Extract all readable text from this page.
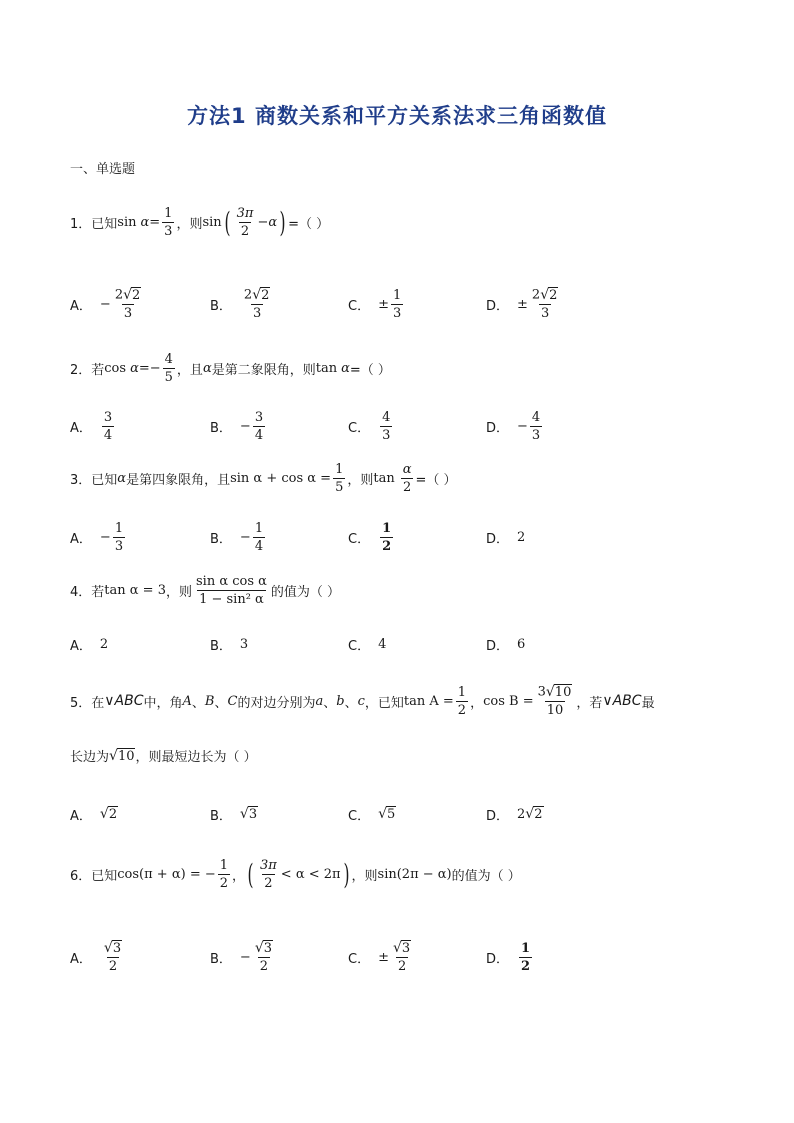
方法1 商数关系和平方关系法求三角函数值
一、单选题
1．已知 $\sin \alpha = \frac{1}{3}$ ，则 sin ( $\frac{3\pi}{2} - \alpha$ ) =（ ）
A． − $\frac{2 √ 2}{3}$	B． $\frac{2 √ 2}{3}$	C． ± $\frac{1}{3}$	D． ± $\frac{2 √ 2}{3}$
2．若 $\cos \alpha =- \frac{4}{5}$ ，且 α 是第二象限角，则 tan α =（ ）
A． $\frac{3}{4}$	B． − $\frac{3}{4}$	C． $\frac{4}{3}$	D． − $\frac{4}{3}$
3．已知 α 是第四象限角，且 $\sin \alpha + \cos \alpha = \frac{1}{5}$ ，则 $\tan \frac{\alpha}{2}$ =（ ）
A． − $\frac{1}{3}$	B． − $\frac{1}{4}$	C． $\frac{1}{2}$	D． 2
4．若 tan α = 3 ，则 $\frac{\text{sin α cos α}}{\text{1 − sin² α}}$ 的值为（ ）
A． 2	B． 3	C． 4	D． 6
5．在 ∨ABC 中，角 A 、 B 、 C 的对边分别为 a 、 b 、 c ，已知 $\tan A = \frac{1}{2}$ ， $\cos B = \frac{3 √ 10}{10}$ ，若 ∨ABC 最
长边为 √ 10 ，则最短边长为（ ）
A． √ 2	B． √ 3	C． √ 5	D． 2 √ 2
6．已知 cos(π + α) = − $\frac{1}{2}$ ， ( $\frac{3\pi}{2} < \alpha < 2\pi$ ) ，则 sin(2π − α) 的值为（ ）
A． $\frac{√ 3}{2}$	B． − $\frac{√ 3}{2}$	C． ± $\frac{√ 3}{2}$	D． $\frac{1}{2}$
